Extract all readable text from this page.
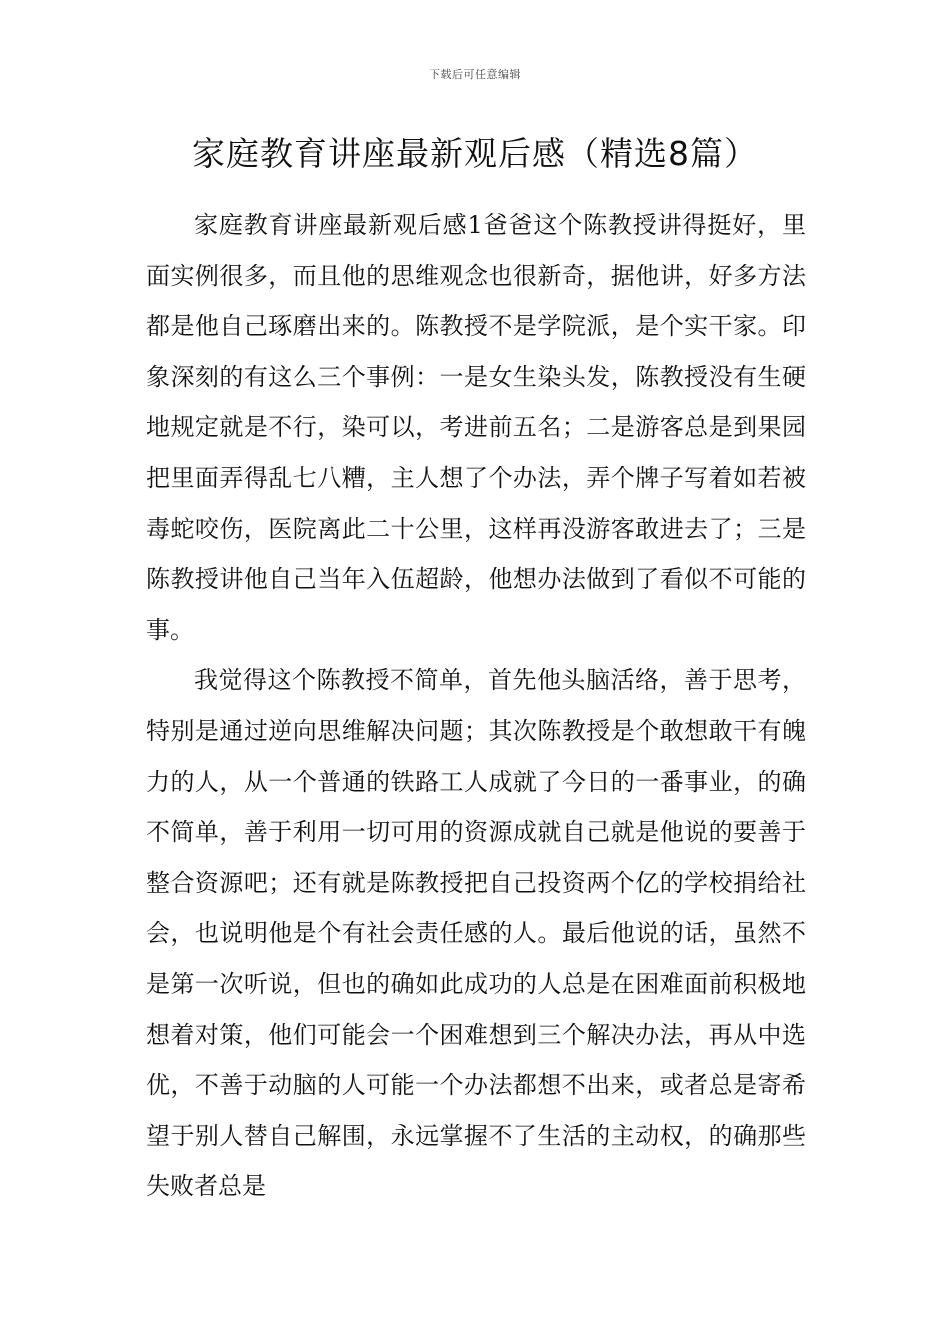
下载后可任意编辑
家庭教育讲座最新观后感（精选8篇）

家庭教育讲座最新观后感1爸爸这个陈教授讲得挺好，里面实例很多，而且他的思维观念也很新奇，据他讲，好多方法都是他自己琢磨出来的。陈教授不是学院派，是个实干家。印象深刻的有这么三个事例：一是女生染头发，陈教授没有生硬地规定就是不行，染可以，考进前五名；二是游客总是到果园把里面弄得乱七八糟，主人想了个办法，弄个牌子写着如若被毒蛇咬伤，医院离此二十公里，这样再没游客敢进去了；三是陈教授讲他自己当年入伍超龄，他想办法做到了看似不可能的事。

我觉得这个陈教授不简单，首先他头脑活络，善于思考，特别是通过逆向思维解决问题；其次陈教授是个敢想敢干有魄力的人，从一个普通的铁路工人成就了今日的一番事业，的确不简单，善于利用一切可用的资源成就自己就是他说的要善于整合资源吧；还有就是陈教授把自己投资两个亿的学校捐给社会，也说明他是个有社会责任感的人。最后他说的话，虽然不是第一次听说，但也的确如此成功的人总是在困难面前积极地想着对策，他们可能会一个困难想到三个解决办法，再从中选优，不善于动脑的人可能一个办法都想不出来，或者总是寄希望于别人替自己解围，永远掌握不了生活的主动权，的确那些失败者总是
